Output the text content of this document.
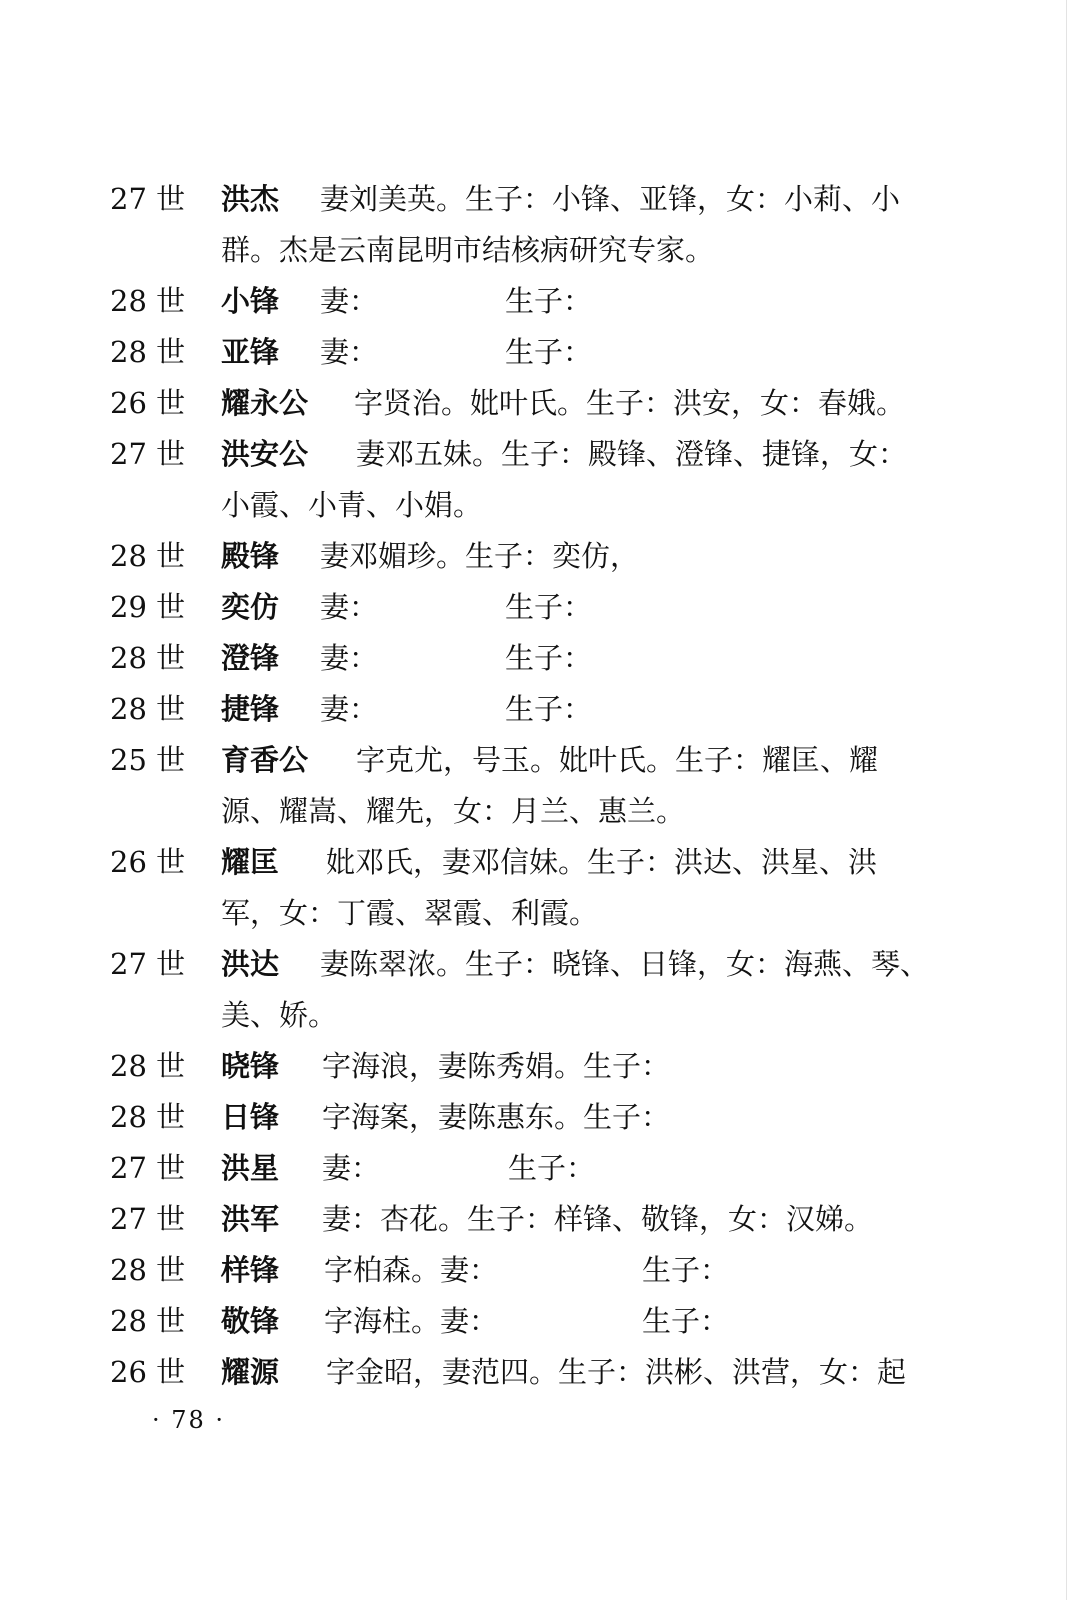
27 世 洪杰 妻刘美英。生子：小锋、亚锋，女：小莉、小
群。杰是云南昆明市结核病研究专家。
28 世 小锋 妻：	生子：
28 世 亚锋 妻：	生子：
26 世 耀永公 字贤治。妣叶氏。生子：洪安，女：春娥。
27 世 洪安公 妻邓五妹。生子：殿锋、澄锋、捷锋，女：
小霞、小青、小娟。
28 世 殿锋 妻邓媚珍。生子：奕仿，
29 世 奕仿 妻：	生子：
28 世 澄锋 妻：	生子：
28 世 捷锋 妻：	生子：
25 世 育香公 字克尤，号玉。妣叶氏。生子：耀匡、耀
源、耀嵩、耀先，女：月兰、惠兰。
26 世 耀匡 妣邓氏，妻邓信妹。生子：洪达、洪星、洪
军，女：丁霞、翠霞、利霞。
27 世 洪达 妻陈翠浓。生子：晓锋、日锋，女：海燕、琴、
美、娇。
28 世 晓锋 字海浪，妻陈秀娟。生子：
28 世 日锋 字海案，妻陈惠东。生子：
27 世 洪星 妻：	生子：
27 世 洪军 妻：杏花。生子：样锋、敬锋，女：汉娣。
28 世 样锋 字柏森。妻：	生子：
28 世 敬锋 字海柱。妻：	生子：
26 世 耀源 字金昭，妻范四。生子：洪彬、洪营，女：起
· 78 ·
